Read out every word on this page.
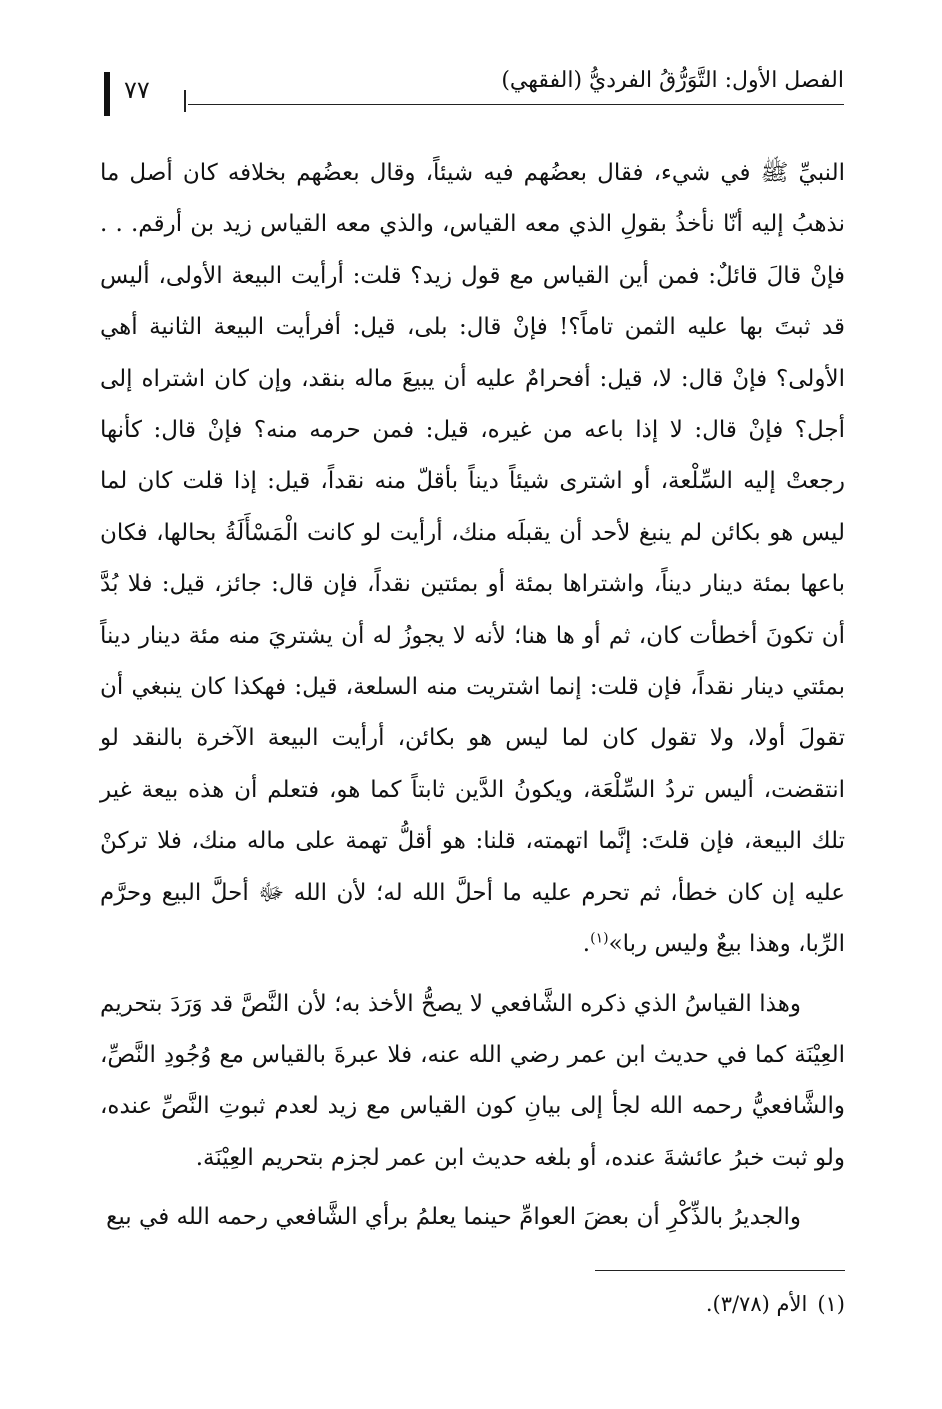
٧٧	الفصل الأول: التَّوَرُّقُ الفرديُّ (الفقهي)

النبيِّ ﷺ في شيء، فقال بعضُهم فيه شيئاً، وقال بعضُهم بخلافه كان أصل ما نذهبُ إليه أنّا نأخذُ بقولِ الذي معه القياس، والذي معه القياس زيد بن أرقم. . . فإنْ قالَ قائلٌ: فمن أين القياس مع قول زيد؟ قلت: أرأيت البيعة الأولى، أليس قد ثبتَ بها عليه الثمن تاماً؟! فإنْ قال: بلى، قيل: أفرأيت البيعة الثانية أهي الأولى؟ فإنْ قال: لا، قيل: أفحرامٌ عليه أن يبيعَ ماله بنقد، وإن كان اشتراه إلى أجل؟ فإنْ قال: لا إذا باعه من غيره، قيل: فمن حرمه منه؟ فإنْ قال: كأنها رجعتْ إليه السِّلْعة، أو اشترى شيئاً ديناً بأقلّ منه نقداً، قيل: إذا قلت كان لما ليس هو بكائن لم ينبغ لأحد أن يقبلَه منك، أرأيت لو كانت الْمَسْأَلَةُ بحالها، فكان باعها بمئة دينار ديناً، واشتراها بمئة أو بمئتين نقداً، فإن قال: جائز، قيل: فلا بُدَّ أن تكونَ أخطأت كان، ثم أو ها هنا؛ لأنه لا يجوزُ له أن يشتريَ منه مئة دينار ديناً بمئتي دينار نقداً، فإن قلت: إنما اشتريت منه السلعة، قيل: فهكذا كان ينبغي أن تقولَ أولا، ولا تقول كان لما ليس هو بكائن، أرأيت البيعة الآخرة بالنقد لو انتقضت، أليس تردُ السِّلْعَة، ويكونُ الدَّين ثابتاً كما هو، فتعلم أن هذه بيعة غير تلك البيعة، فإن قلتَ: إنَّما اتهمته، قلنا: هو أقلُّ تهمة على ماله منك، فلا تركنْ عليه إن كان خطأ، ثم تحرم عليه ما أحلَّ الله له؛ لأن الله ﷻ أحلَّ البيع وحرَّم الرِّبا، وهذا بيعٌ وليس ربا»$^{(١)}$.

وهذا القياسُ الذي ذكره الشَّافعي لا يصحُّ الأخذ به؛ لأن النَّصَّ قد وَرَدَ بتحريم العِيْنَة كما في حديث ابن عمر رضي الله عنه، فلا عبرةَ بالقياس مع وُجُودِ النَّصِّ، والشَّافعيُّ رحمه الله لجأ إلى بيانِ كون القياس مع زيد لعدم ثبوتِ النَّصِّ عنده، ولو ثبت خبرُ عائشةَ عنده، أو بلغه حديث ابن عمر لجزم بتحريم العِيْنَة.

والجديرُ بالذِّكْرِ أن بعضَ العوامِّ حينما يعلمُ برأي الشَّافعي رحمه الله في بيع

(١)الأم (٣/٧٨).
